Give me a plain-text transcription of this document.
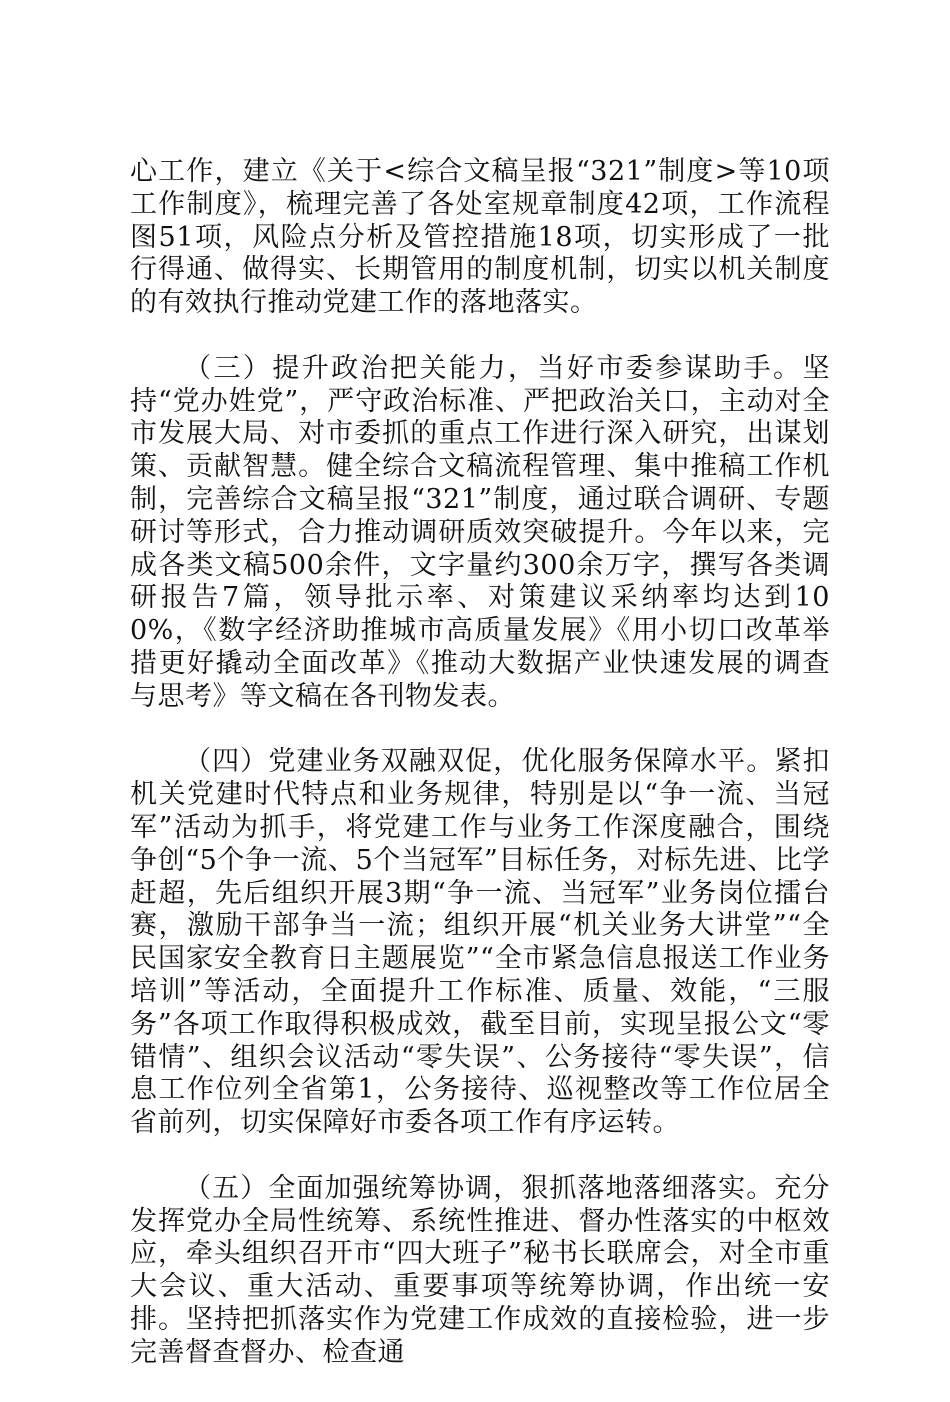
心工作，建立《关于<综合文稿呈报“321”制度>等10项工作制度》，梳理完善了各处室规章制度42项，工作流程图51项，风险点分析及管控措施18项，切实形成了一批行得通、做得实、长期管用的制度机制，切实以机关制度的有效执行推动党建工作的落地落实。

（三）提升政治把关能力，当好市委参谋助手。坚持“党办姓党”，严守政治标准、严把政治关口，主动对全市发展大局、对市委抓的重点工作进行深入研究，出谋划策、贡献智慧。健全综合文稿流程管理、集中推稿工作机制，完善综合文稿呈报“321”制度，通过联合调研、专题研讨等形式，合力推动调研质效突破提升。今年以来，完成各类文稿500余件，文字量约300余万字，撰写各类调研报告7篇，领导批示率、对策建议采纳率均达到100%，《数字经济助推城市高质量发展》《用小切口改革举措更好撬动全面改革》《推动大数据产业快速发展的调查与思考》等文稿在各刊物发表。

（四）党建业务双融双促，优化服务保障水平。紧扣机关党建时代特点和业务规律，特别是以“争一流、当冠军”活动为抓手，将党建工作与业务工作深度融合，围绕争创“5个争一流、5个当冠军”目标任务，对标先进、比学赶超，先后组织开展3期“争一流、当冠军”业务岗位擂台赛，激励干部争当一流；组织开展“机关业务大讲堂”“全民国家安全教育日主题展览”“全市紧急信息报送工作业务培训”等活动，全面提升工作标准、质量、效能，“三服务”各项工作取得积极成效，截至目前，实现呈报公文“零错情”、组织会议活动“零失误”、公务接待“零失误”，信息工作位列全省第1，公务接待、巡视整改等工作位居全省前列，切实保障好市委各项工作有序运转。

（五）全面加强统筹协调，狠抓落地落细落实。充分发挥党办全局性统筹、系统性推进、督办性落实的中枢效应，牵头组织召开市“四大班子”秘书长联席会，对全市重大会议、重大活动、重要事项等统筹协调，作出统一安排。坚持把抓落实作为党建工作成效的直接检验，进一步完善督查督办、检查通
